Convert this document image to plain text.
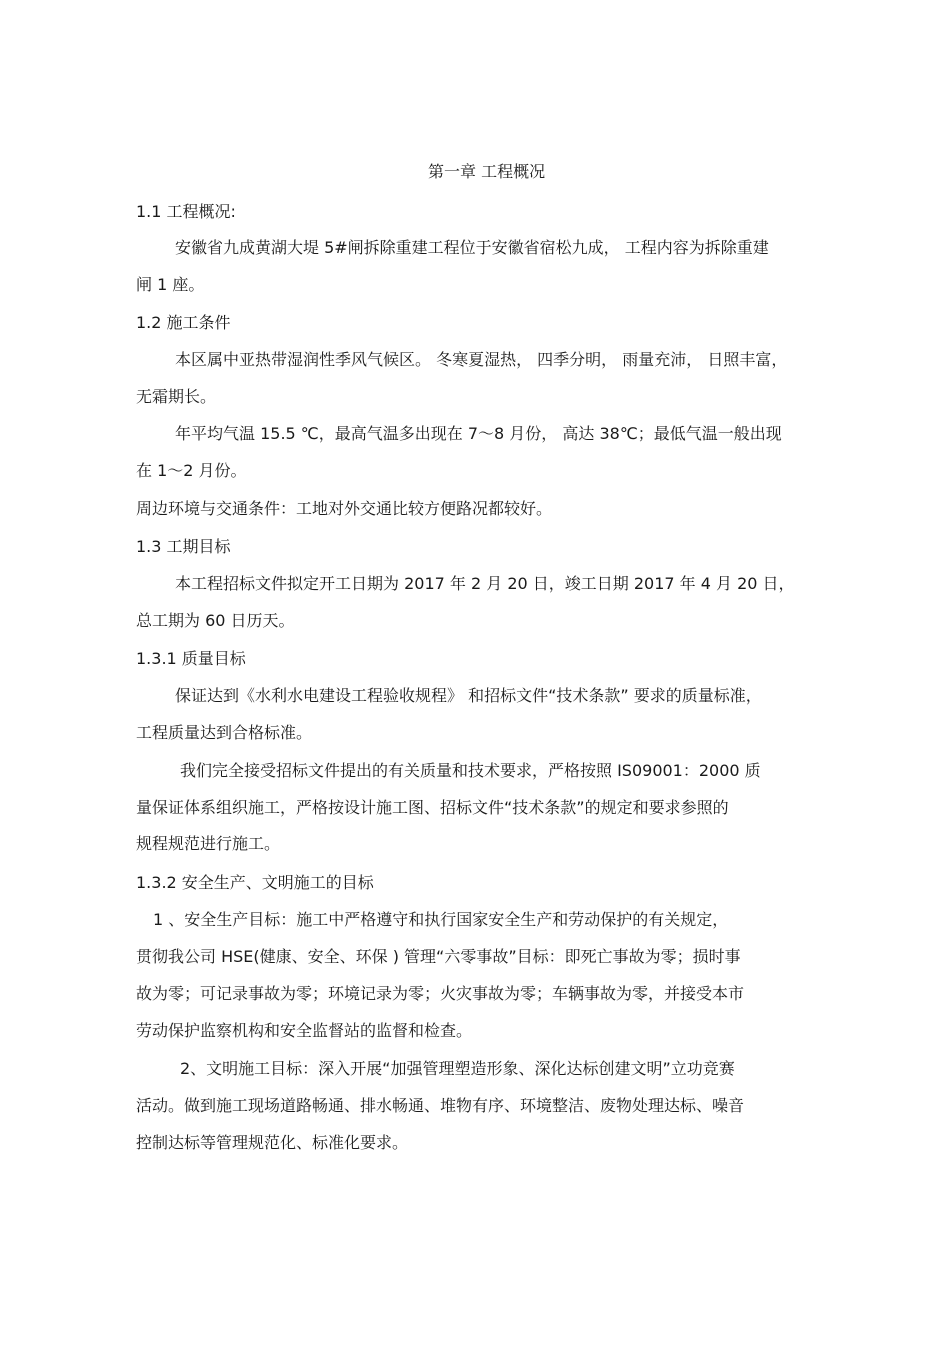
第一章 工程概况
1.1 工程概况:
安徽省九成黄湖大堤 5#闸拆除重建工程位于安徽省宿松九成， 工程内容为拆除重建
闸 1 座。
1.2 施工条件
本区属中亚热带湿润性季风气候区。 冬寒夏湿热， 四季分明， 雨量充沛， 日照丰富，
无霜期长。
年平均气温 15.5 ℃，最高气温多出现在 7～8 月份， 高达 38℃；最低气温一般出现
在 1～2 月份。
周边环境与交通条件：工地对外交通比较方便路况都较好。
1.3 工期目标
本工程招标文件拟定开工日期为 2017 年 2 月 20 日，竣工日期 2017 年 4 月 20 日，
总工期为 60 日历天。
1.3.1 质量目标
保证达到《水利水电建设工程验收规程》 和招标文件“技术条款” 要求的质量标准，
工程质量达到合格标准。
我们完全接受招标文件提出的有关质量和技术要求，严格按照 IS09001：2000 质
量保证体系组织施工，严格按设计施工图、招标文件“技术条款”的规定和要求参照的
规程规范进行施工。
1.3.2 安全生产、文明施工的目标
1 、安全生产目标：施工中严格遵守和执行国家安全生产和劳动保护的有关规定，
贯彻我公司 HSE(健康、安全、环保 ) 管理“六零事故”目标：即死亡事故为零；损时事
故为零；可记录事故为零；环境记录为零；火灾事故为零；车辆事故为零，并接受本市
劳动保护监察机构和安全监督站的监督和检查。
2、文明施工目标：深入开展“加强管理塑造形象、深化达标创建文明”立功竞赛
活动。做到施工现场道路畅通、排水畅通、堆物有序、环境整洁、废物处理达标、噪音
控制达标等管理规范化、标准化要求。
